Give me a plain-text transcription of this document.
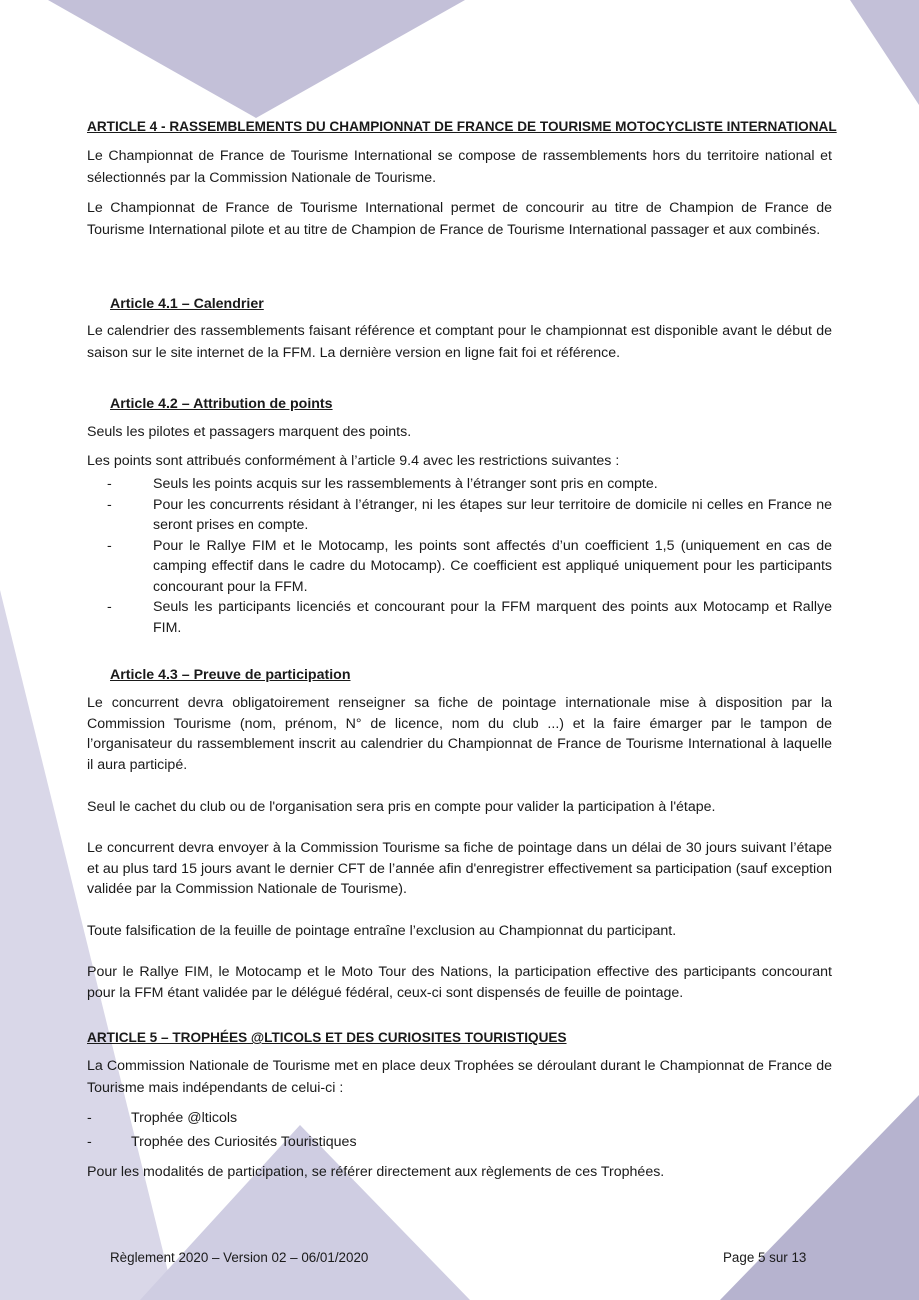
ARTICLE 4 - RASSEMBLEMENTS DU CHAMPIONNAT DE FRANCE DE TOURISME MOTOCYCLISTE INTERNATIONAL

Le Championnat de France de Tourisme International se compose de rassemblements hors du territoire national et sélectionnés par la Commission Nationale de Tourisme.

Le Championnat de France de Tourisme International permet de concourir au titre de Champion de France de Tourisme International pilote et au titre de Champion de France de Tourisme International passager et aux combinés.

Article 4.1 – Calendrier

Le calendrier des rassemblements faisant référence et comptant pour le championnat est disponible avant le début de saison sur le site internet de la FFM. La dernière version en ligne fait foi et référence.

Article 4.2 – Attribution de points

Seuls les pilotes et passagers marquent des points.

Les points sont attribués conformément à l’article 9.4 avec les restrictions suivantes :

-	Seuls les points acquis sur les rassemblements à l’étranger sont pris en compte.
-	Pour les concurrents résidant à l’étranger, ni les étapes sur leur territoire de domicile ni celles en France ne seront prises en compte.
-	Pour le Rallye FIM et le Motocamp, les points sont affectés d’un coefficient 1,5 (uniquement en cas de camping effectif dans le cadre du Motocamp). Ce coefficient est appliqué uniquement pour les participants concourant pour la FFM.
-	Seuls les participants licenciés et concourant pour la FFM marquent des points aux Motocamp et Rallye FIM.
Article 4.3 – Preuve de participation

Le concurrent devra obligatoirement renseigner sa fiche de pointage internationale mise à disposition par la Commission Tourisme (nom, prénom, N° de licence, nom du club ...) et la faire émarger par le tampon de l’organisateur du rassemblement inscrit au calendrier du Championnat de France de Tourisme International à laquelle il aura participé.

Seul le cachet du club ou de l'organisation sera pris en compte pour valider la participation à l'étape.

Le concurrent devra envoyer à la Commission Tourisme sa fiche de pointage dans un délai de 30 jours suivant l’étape et au plus tard 15 jours avant le dernier CFT de l’année afin d'enregistrer effectivement sa participation (sauf exception validée par la Commission Nationale de Tourisme).

Toute falsification de la feuille de pointage entraîne l’exclusion au Championnat du participant.

Pour le Rallye FIM, le Motocamp et le Moto Tour des Nations, la participation effective des participants concourant pour la FFM étant validée par le délégué fédéral, ceux-ci sont dispensés de feuille de pointage.

ARTICLE 5 – TROPHÉES @LTICOLS ET DES CURIOSITES TOURISTIQUES

La Commission Nationale de Tourisme met en place deux Trophées se déroulant durant le Championnat de France de Tourisme mais indépendants de celui-ci :

-	Trophée @lticols
-	Trophée des Curiosités Touristiques

Pour les modalités de participation, se référer directement aux règlements de ces Trophées.

Règlement 2020 – Version 02 – 06/01/2020	Page 5 sur 13
